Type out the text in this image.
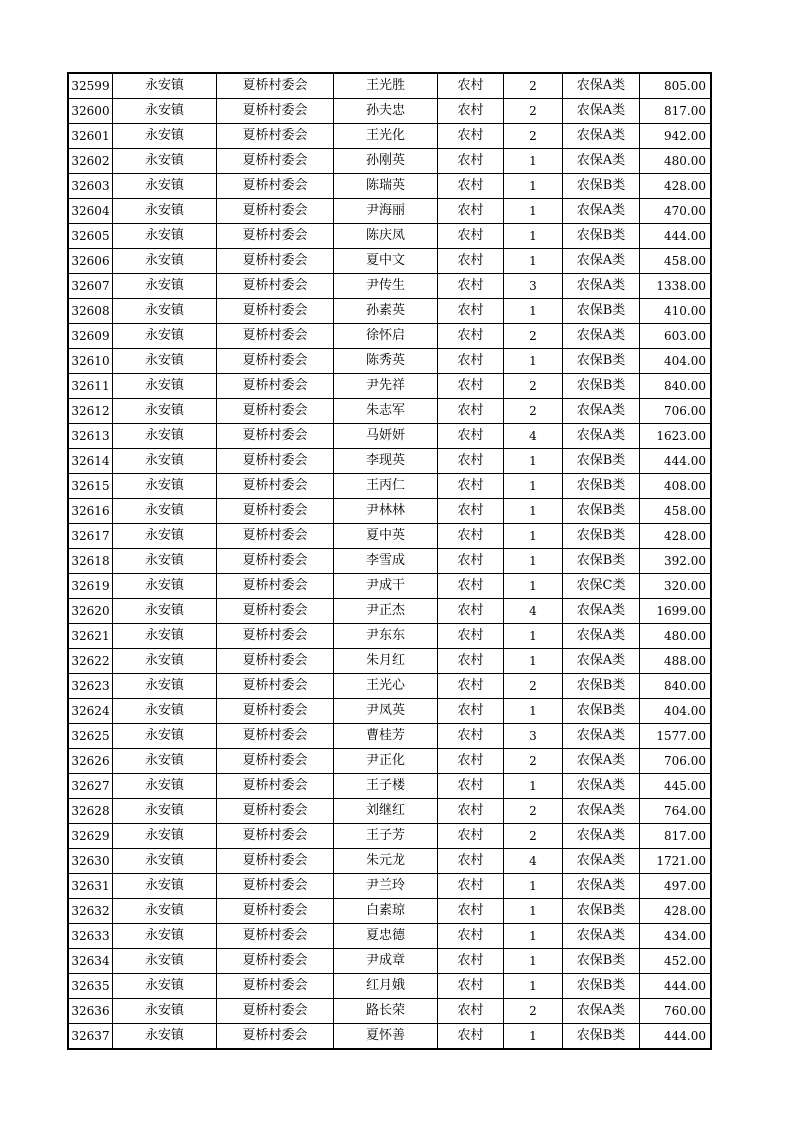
32599	永安镇	夏桥村委会	王光胜	农村	2	农保A类	805.00
32600	永安镇	夏桥村委会	孙夫忠	农村	2	农保A类	817.00
32601	永安镇	夏桥村委会	王光化	农村	2	农保A类	942.00
32602	永安镇	夏桥村委会	孙刚英	农村	1	农保A类	480.00
32603	永安镇	夏桥村委会	陈瑞英	农村	1	农保B类	428.00
32604	永安镇	夏桥村委会	尹海丽	农村	1	农保A类	470.00
32605	永安镇	夏桥村委会	陈庆凤	农村	1	农保B类	444.00
32606	永安镇	夏桥村委会	夏中文	农村	1	农保A类	458.00
32607	永安镇	夏桥村委会	尹传生	农村	3	农保A类	1338.00
32608	永安镇	夏桥村委会	孙素英	农村	1	农保B类	410.00
32609	永安镇	夏桥村委会	徐怀启	农村	2	农保A类	603.00
32610	永安镇	夏桥村委会	陈秀英	农村	1	农保B类	404.00
32611	永安镇	夏桥村委会	尹先祥	农村	2	农保B类	840.00
32612	永安镇	夏桥村委会	朱志军	农村	2	农保A类	706.00
32613	永安镇	夏桥村委会	马妍妍	农村	4	农保A类	1623.00
32614	永安镇	夏桥村委会	李现英	农村	1	农保B类	444.00
32615	永安镇	夏桥村委会	王丙仁	农村	1	农保B类	408.00
32616	永安镇	夏桥村委会	尹林林	农村	1	农保B类	458.00
32617	永安镇	夏桥村委会	夏中英	农村	1	农保B类	428.00
32618	永安镇	夏桥村委会	李雪成	农村	1	农保B类	392.00
32619	永安镇	夏桥村委会	尹成干	农村	1	农保C类	320.00
32620	永安镇	夏桥村委会	尹正杰	农村	4	农保A类	1699.00
32621	永安镇	夏桥村委会	尹东东	农村	1	农保A类	480.00
32622	永安镇	夏桥村委会	朱月红	农村	1	农保A类	488.00
32623	永安镇	夏桥村委会	王光心	农村	2	农保B类	840.00
32624	永安镇	夏桥村委会	尹凤英	农村	1	农保B类	404.00
32625	永安镇	夏桥村委会	曹桂芳	农村	3	农保A类	1577.00
32626	永安镇	夏桥村委会	尹正化	农村	2	农保A类	706.00
32627	永安镇	夏桥村委会	王子楼	农村	1	农保A类	445.00
32628	永安镇	夏桥村委会	刘继红	农村	2	农保A类	764.00
32629	永安镇	夏桥村委会	王子芳	农村	2	农保A类	817.00
32630	永安镇	夏桥村委会	朱元龙	农村	4	农保A类	1721.00
32631	永安镇	夏桥村委会	尹兰玲	农村	1	农保A类	497.00
32632	永安镇	夏桥村委会	白素琼	农村	1	农保B类	428.00
32633	永安镇	夏桥村委会	夏忠德	农村	1	农保A类	434.00
32634	永安镇	夏桥村委会	尹成章	农村	1	农保B类	452.00
32635	永安镇	夏桥村委会	红月娥	农村	1	农保B类	444.00
32636	永安镇	夏桥村委会	路长荣	农村	2	农保A类	760.00
32637	永安镇	夏桥村委会	夏怀善	农村	1	农保B类	444.00
